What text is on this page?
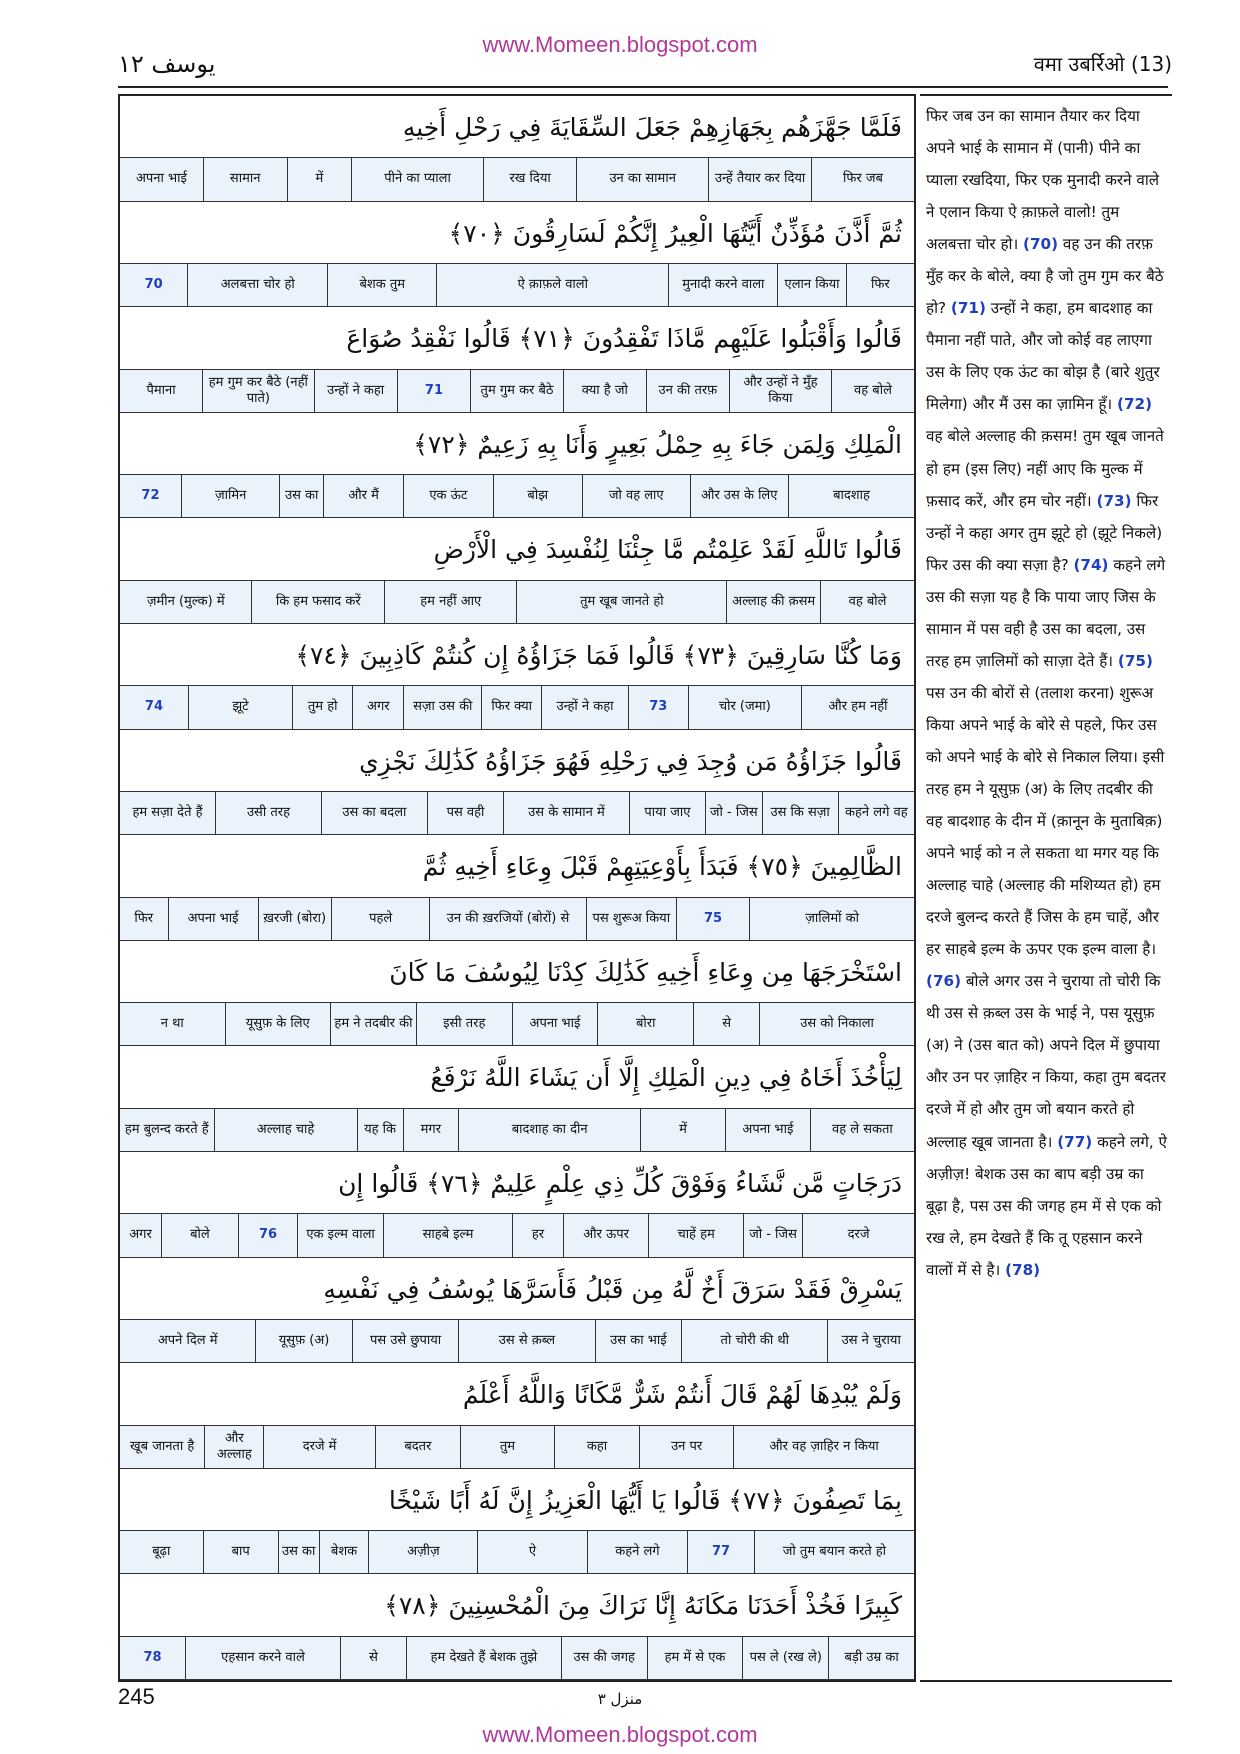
www.Momeen.blogspot.com
يوسف ١٢	वमा उबर्रिओ (13)
فَلَمَّا جَهَّزَهُم بِجَهَازِهِمْ جَعَلَ السِّقَايَةَ فِي رَحْلِ أَخِيهِ
फिर जब
उन्हें तैयार कर दिया
उन का सामान
रख दिया
पीने का प्याला
में
सामान
अपना भाई
ثُمَّ أَذَّنَ مُؤَذِّنٌ أَيَّتُهَا الْعِيرُ إِنَّكُمْ لَسَارِقُونَ ﴿٧٠﴾
फिर
एलान किया
मुनादी करने वाला
ऐ क़ाफ़ले वालो
बेशक तुम
अलबत्ता चोर हो
70
قَالُوا وَأَقْبَلُوا عَلَيْهِم مَّاذَا تَفْقِدُونَ ﴿٧١﴾ قَالُوا نَفْقِدُ صُوَاعَ
वह बोले
और उन्हों ने मुँह किया
उन की तरफ़
क्या है जो
तुम गुम कर बैठे
71
उन्हों ने कहा
हम गुम कर बैठे (नहीं पाते)
पैमाना
الْمَلِكِ وَلِمَن جَاءَ بِهِ حِمْلُ بَعِيرٍ وَأَنَا بِهِ زَعِيمٌ ﴿٧٢﴾
बादशाह
और उस के लिए
जो वह लाए
बोझ
एक ऊंट
और मैं
उस का
ज़ामिन
72
قَالُوا تَاللَّهِ لَقَدْ عَلِمْتُم مَّا جِئْنَا لِنُفْسِدَ فِي الْأَرْضِ
वह बोले
अल्लाह की क़सम
तुम खूब जानते हो
हम नहीं आए
कि हम फसाद करें
ज़मीन (मुल्क) में
وَمَا كُنَّا سَارِقِينَ ﴿٧٣﴾ قَالُوا فَمَا جَزَاؤُهُ إِن كُنتُمْ كَاذِبِينَ ﴿٧٤﴾
और हम नहीं
चोर (जमा)
73
उन्हों ने कहा
फिर क्या
सज़ा उस की
अगर
तुम हो
झूटे
74
قَالُوا جَزَاؤُهُ مَن وُجِدَ فِي رَحْلِهِ فَهُوَ جَزَاؤُهُ كَذَٰلِكَ نَجْزِي
कहने लगे वह
उस कि सज़ा
जो - जिस
पाया जाए
उस के सामान में
पस वही
उस का बदला
उसी तरह
हम सज़ा देते हैं
الظَّالِمِينَ ﴿٧٥﴾ فَبَدَأَ بِأَوْعِيَتِهِمْ قَبْلَ وِعَاءِ أَخِيهِ ثُمَّ
ज़ालिमों को
75
पस शुरूअ किया
उन की ख़रजियों (बोरों) से
पहले
ख़रजी (बोरा)
अपना भाई
फिर
اسْتَخْرَجَهَا مِن وِعَاءِ أَخِيهِ كَذَٰلِكَ كِدْنَا لِيُوسُفَ مَا كَانَ
उस को निकाला
से
बोरा
अपना भाई
इसी तरह
हम ने तदबीर की
यूसुफ़ के लिए
न था
لِيَأْخُذَ أَخَاهُ فِي دِينِ الْمَلِكِ إِلَّا أَن يَشَاءَ اللَّهُ نَرْفَعُ
वह ले सकता
अपना भाई
में
बादशाह का दीन
मगर
यह कि
अल्लाह चाहे
हम बुलन्द करते हैं
دَرَجَاتٍ مَّن نَّشَاءُ وَفَوْقَ كُلِّ ذِي عِلْمٍ عَلِيمٌ ﴿٧٦﴾ قَالُوا إِن
दरजे
जो - जिस
चाहें हम
और ऊपर
हर
साहबे इल्म
एक इल्म वाला
76
बोले
अगर
يَسْرِقْ فَقَدْ سَرَقَ أَخٌ لَّهُ مِن قَبْلُ فَأَسَرَّهَا يُوسُفُ فِي نَفْسِهِ
उस ने चुराया
तो चोरी की थी
उस का भाई
उस से क़ब्ल
पस उसे छुपाया
यूसुफ़ (अ)
अपने दिल में
وَلَمْ يُبْدِهَا لَهُمْ قَالَ أَنتُمْ شَرٌّ مَّكَانًا وَاللَّهُ أَعْلَمُ
और वह ज़ाहिर न किया
उन पर
कहा
तुम
बदतर
दरजे में
और अल्लाह
खूब जानता है
بِمَا تَصِفُونَ ﴿٧٧﴾ قَالُوا يَا أَيُّهَا الْعَزِيزُ إِنَّ لَهُ أَبًا شَيْخًا
जो तुम बयान करते हो
77
कहने लगे
ऐ
अज़ीज़
बेशक
उस का
बाप
बूढ़ा
كَبِيرًا فَخُذْ أَحَدَنَا مَكَانَهُ إِنَّا نَرَاكَ مِنَ الْمُحْسِنِينَ ﴿٧٨﴾
बड़ी उम्र का
पस ले (रख ले)
हम में से एक
उस की जगह
हम देखते हैं बेशक तुझे
से
एहसान करने वाले
78
फिर जब उन का सामान तैयार कर दिया अपने भाई के सामान में (पानी) पीने का प्याला रखदिया, फिर एक मुनादी करने वाले ने एलान किया ऐ क़ाफ़ले वालो! तुम अलबत्ता चोर हो। (70) वह उन की तरफ़ मुँह कर के बोले, क्या है जो तुम गुम कर बैठे हो? (71) उन्हों ने कहा, हम बादशाह का पैमाना नहीं पाते, और जो कोई वह लाएगा उस के लिए एक ऊंट का बोझ है (बारे शुतुर मिलेगा) और मैं उस का ज़ामिन हूँ। (72) वह बोले अल्लाह की क़सम! तुम खूब जानते हो हम (इस लिए) नहीं आए कि मुल्क में फ़साद करें, और हम चोर नहीं। (73) फिर उन्हों ने कहा अगर तुम झूटे हो (झूटे निकले) फिर उस की क्या सज़ा है? (74) कहने लगे उस की सज़ा यह है कि पाया जाए जिस के सामान में पस वही है उस का बदला, उस तरह हम ज़ालिमों को साज़ा देते हैं। (75) पस उन की बोरों से (तलाश करना) शुरूअ किया अपने भाई के बोरे से पहले, फिर उस को अपने भाई के बोरे से निकाल लिया। इसी तरह हम ने यूसुफ़ (अ) के लिए तदबीर की वह बादशाह के दीन में (क़ानून के मुताबिक़) अपने भाई को न ले सकता था मगर यह कि अल्लाह चाहे (अल्लाह की मशिय्यत हो) हम दरजे बुलन्द करते हैं जिस के हम चाहें, और हर साहबे इल्म के ऊपर एक इल्म वाला है। (76) बोले अगर उस ने चुराया तो चोरी कि थी उस से क़ब्ल उस के भाई ने, पस यूसुफ़ (अ) ने (उस बात को) अपने दिल में छुपाया और उन पर ज़ाहिर न किया, कहा तुम बदतर दरजे में हो और तुम जो बयान करते हो अल्लाह खूब जानता है। (77) कहने लगे, ऐ अज़ीज़! बेशक उस का बाप बड़ी उम्र का बूढ़ा है, पस उस की जगह हम में से एक को रख ले, हम देखते हैं कि तू एहसान करने वालों में से है। (78)
245	منزل ٣
www.Momeen.blogspot.com
